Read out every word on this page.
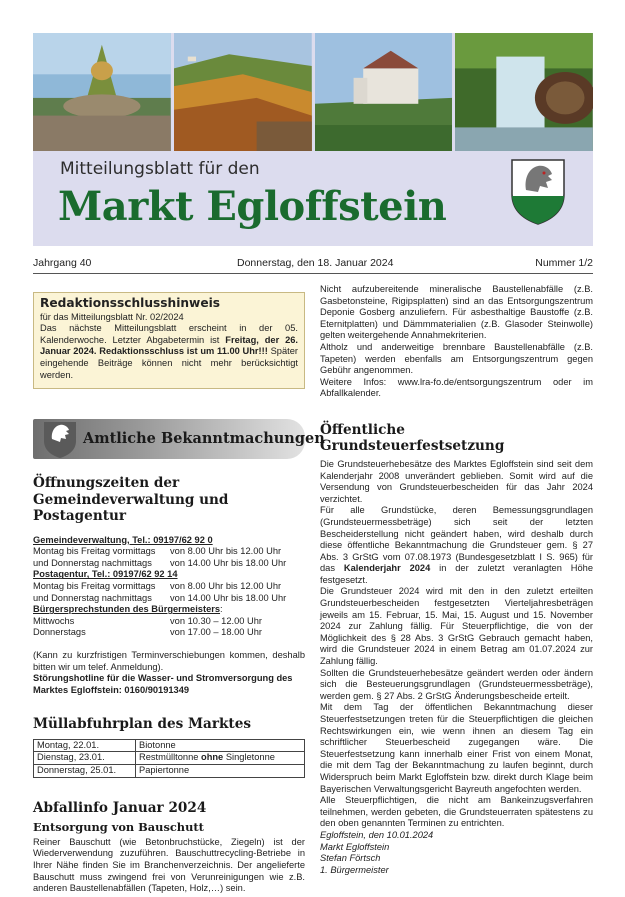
Mitteilungsblatt für den
Markt Egloffstein
Jahrgang 40	Donnerstag, den 18. Januar 2024	Nummer 1/2
Redaktionsschlusshinweis

für das Mitteilungsblatt Nr. 02/2024

Das nächste Mitteilungsblatt erscheint in der 05. Kalenderwoche. Letzter Abgabetermin ist Freitag, der 26. Januar 2024. Redaktionsschluss ist um 11.00 Uhr!!! Später eingehende Beiträge können nicht mehr berücksichtigt werden.

Amtliche Bekanntmachungen
Öffnungszeiten der Gemeindeverwaltung und Postagentur

Gemeindeverwaltung, Tel.: 09197/62 92 0

Montag bis Freitag vormittags	von 8.00 Uhr bis 12.00 Uhr
und Donnerstag nachmittags	von 14.00 Uhr bis 18.00 Uhr

Postagentur, Tel.: 09197/62 92 14

Montag bis Freitag vormittags	von 8.00 Uhr bis 12.00 Uhr
und Donnerstag nachmittags	von 14.00 Uhr bis 18.00 Uhr

Bürgersprechstunden des Bürgermeisters:

Mittwochs	von 10.30 – 12.00 Uhr
Donnerstags	von 17.00 – 18.00 Uhr

(Kann zu kurzfristigen Terminverschiebungen kommen, deshalb bitten wir um telef. Anmeldung).

Störungshotline für die Wasser- und Stromversorgung des Marktes Egloffstein: 0160/90191349

Müllabfuhrplan des Marktes
Montag, 22.01.	Biotonne
Dienstag, 23.01.	Restmülltonne ohne Singletonne
Donnerstag, 25.01.	Papiertonne
Abfallinfo Januar 2024
Entsorgung von Bauschutt

Reiner Bauschutt (wie Betonbruchstücke, Ziegeln) ist der Wiederverwendung zuzuführen. Bauschuttrecycling-Betriebe in Ihrer Nähe finden Sie im Branchenverzeichnis. Der angelieferte Bauschutt muss zwingend frei von Verunreinigungen wie z.B. anderen Baustellenabfällen (Tapeten, Holz,…) sein.

Nicht aufzubereitende mineralische Baustellenabfälle (z.B. Gasbetonsteine, Rigipsplatten) sind an das Entsorgungszentrum Deponie Gosberg anzuliefern. Für asbesthaltige Baustoffe (z.B. Eternitplatten) und Dämmmaterialien (z.B. Glasoder Steinwolle) gelten weitergehende Annahmekriterien.

Altholz und anderweitige brennbare Baustellenabfälle (z.B. Tapeten) werden ebenfalls am Entsorgungszentrum gegen Gebühr angenommen.

Weitere Infos: www.lra-fo.de/entsorgungszentrum oder im Abfallkalender.

Öffentliche Grundsteuerfestsetzung

Die Grundsteuerhebesätze des Marktes Egloffstein sind seit dem Kalenderjahr 2008 unverändert geblieben. Somit wird auf die Versendung von Grundsteuerbescheiden für das Jahr 2024 verzichtet.

Für alle Grundstücke, deren Bemessungsgrundlagen (Grundsteuermessbeträge) sich seit der letzten Bescheiderstellung nicht geändert haben, wird deshalb durch diese öffentliche Bekanntmachung die Grundsteuer gem. § 27 Abs. 3 GrStG vom 07.08.1973 (Bundesgesetzblatt I S. 965) für das Kalenderjahr 2024 in der zuletzt veranlagten Höhe festgesetzt.

Die Grundsteuer 2024 wird mit den in den zuletzt erteilten Grundsteuerbescheiden festgesetzten Vierteljahresbeträgen jeweils am 15. Februar, 15. Mai, 15. August und 15. November 2024 zur Zahlung fällig. Für Steuerpflichtige, die von der Möglichkeit des § 28 Abs. 3 GrStG Gebrauch gemacht haben, wird die Grundsteuer 2024 in einem Betrag am 01.07.2024 zur Zahlung fällig.

Sollten die Grundsteuerhebesätze geändert werden oder ändern sich die Besteuerungsgrundlagen (Grundsteuermessbeträge), werden gem. § 27 Abs. 2 GrStG Änderungsbescheide erteilt.

Mit dem Tag der öffentlichen Bekanntmachung dieser Steuerfestsetzungen treten für die Steuerpflichtigen die gleichen Rechtswirkungen ein, wie wenn ihnen an diesem Tag ein schriftlicher Steuerbescheid zugegangen wäre. Die Steuerfestsetzung kann innerhalb einer Frist von einem Monat, die mit dem Tag der Bekanntmachung zu laufen beginnt, durch Widerspruch beim Markt Egloffstein bzw. direkt durch Klage beim Bayerischen Verwaltungsgericht Bayreuth angefochten werden.

Alle Steuerpflichtigen, die nicht am Bankeinzugsverfahren teilnehmen, werden gebeten, die Grundsteuerraten spätestens zu den oben genannten Terminen zu entrichten.

Egloffstein, den 10.01.2024

Markt Egloffstein

Stefan Förtsch

1. Bürgermeister
